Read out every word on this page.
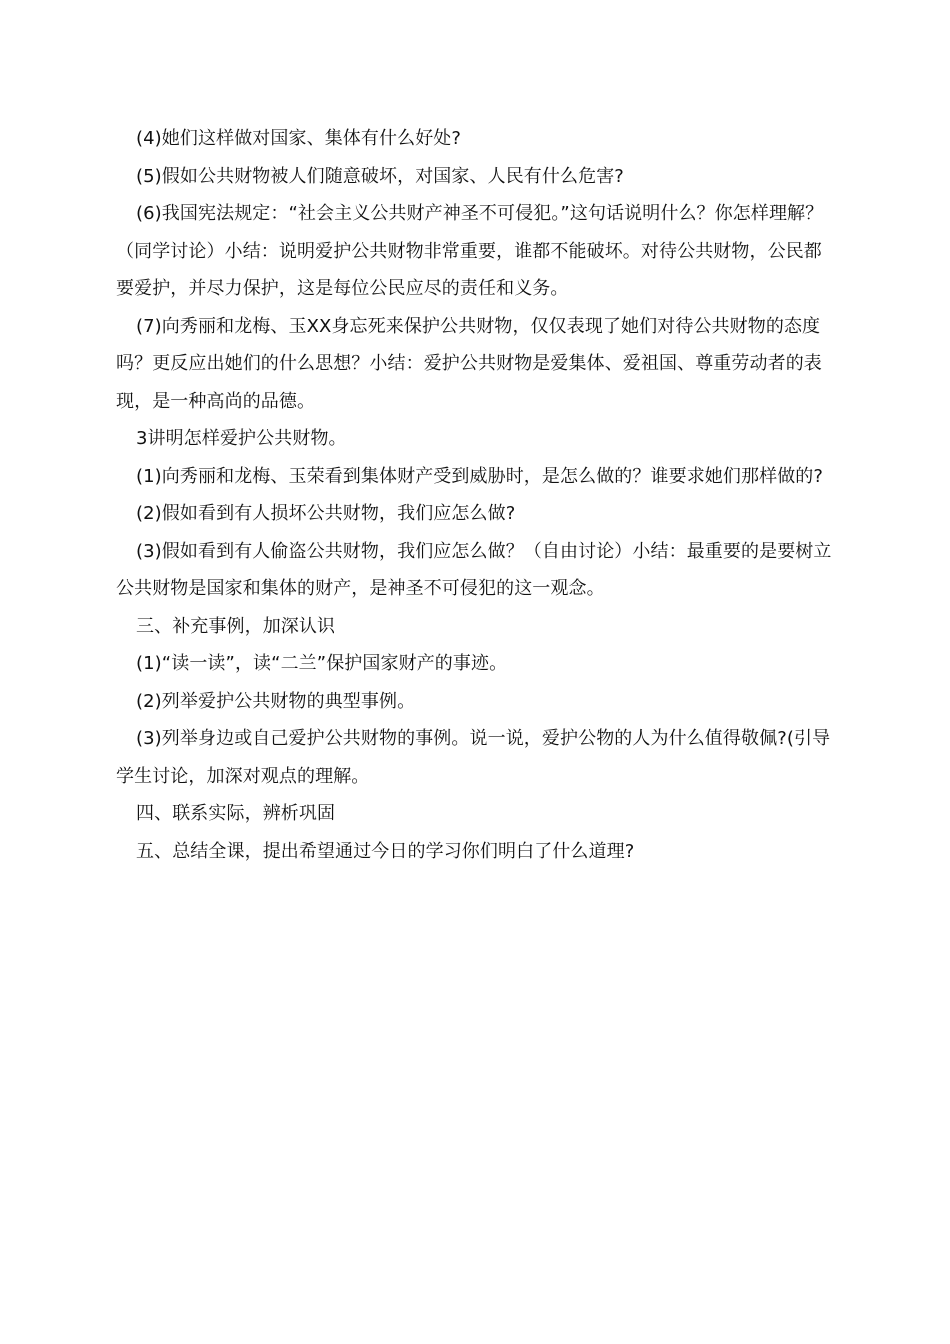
(4)她们这样做对国家、集体有什么好处?

(5)假如公共财物被人们随意破坏，对国家、人民有什么危害?

(6)我国宪法规定：“社会主义公共财产神圣不可侵犯。”这句话说明什么？你怎样理解？（同学讨论）小结：说明爱护公共财物非常重要，谁都不能破坏。对待公共财物，公民都要爱护，并尽力保护，这是每位公民应尽的责任和义务。

(7)向秀丽和龙梅、玉XX身忘死来保护公共财物，仅仅表现了她们对待公共财物的态度吗？更反应出她们的什么思想？小结：爱护公共财物是爱集体、爱祖国、尊重劳动者的表现，是一种高尚的品德。

3讲明怎样爱护公共财物。

(1)向秀丽和龙梅、玉荣看到集体财产受到威胁时，是怎么做的？谁要求她们那样做的?

(2)假如看到有人损坏公共财物，我们应怎么做?

(3)假如看到有人偷盗公共财物，我们应怎么做？（自由讨论）小结：最重要的是要树立公共财物是国家和集体的财产，是神圣不可侵犯的这一观念。

三、补充事例，加深认识

(1)“读一读”，读“二兰”保护国家财产的事迹。

(2)列举爱护公共财物的典型事例。

(3)列举身边或自己爱护公共财物的事例。说一说，爱护公物的人为什么值得敬佩?(引导学生讨论，加深对观点的理解。

四、联系实际，辨析巩固

五、总结全课，提出希望通过今日的学习你们明白了什么道理?
